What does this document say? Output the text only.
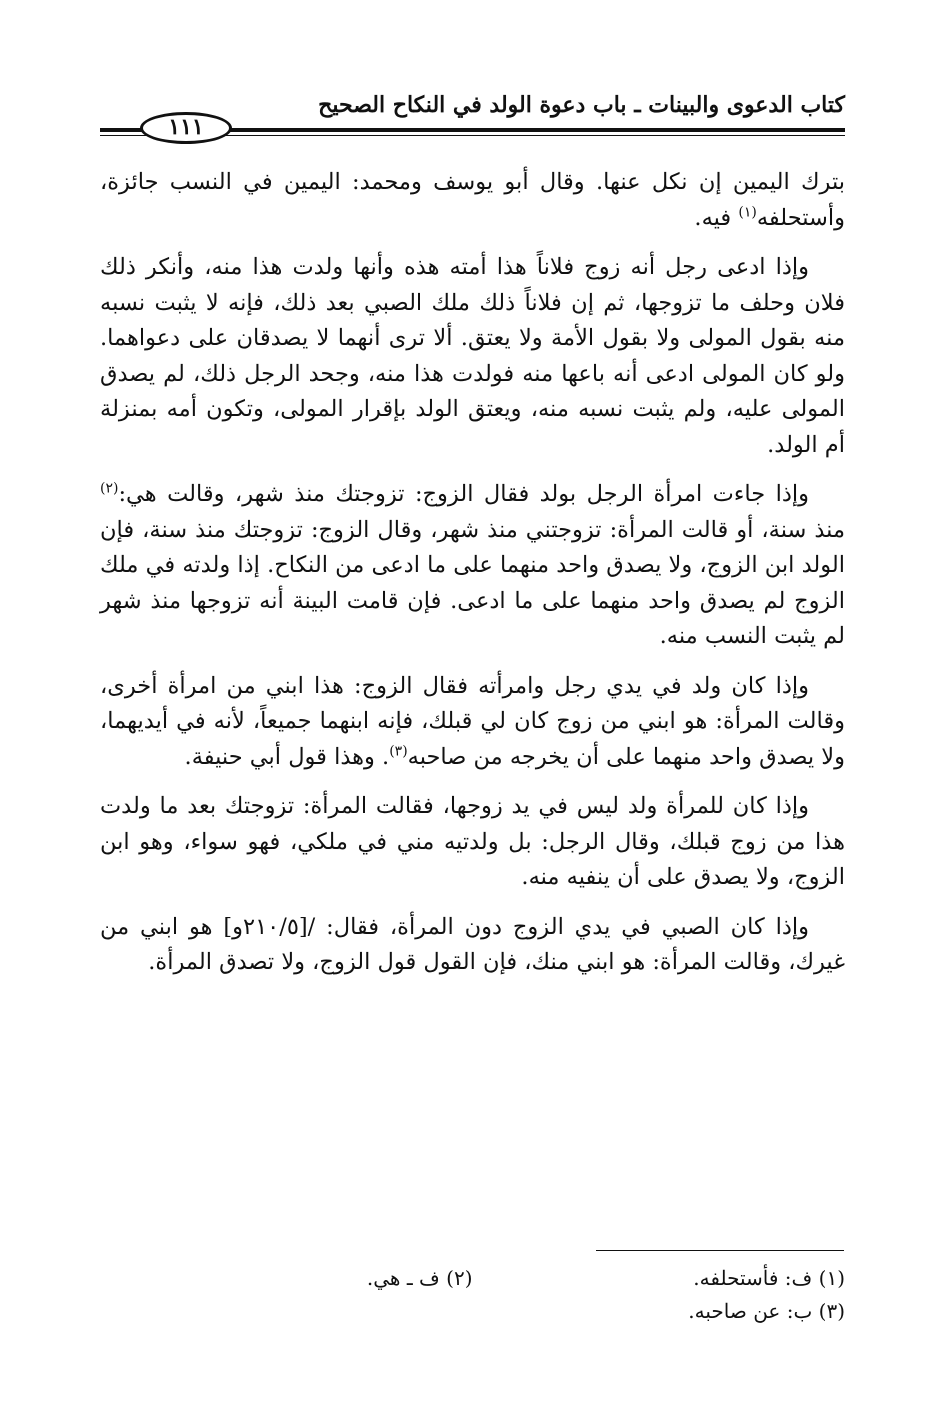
كتاب الدعوى والبينات ـ باب دعوة الولد في النكاح الصحيح
١١١

بترك اليمين إن نكل عنها. وقال أبو يوسف ومحمد: اليمين في النسب جائزة، وأستحلفه$^{(١)}$ فيه.

وإذا ادعى رجل أنه زوج فلاناً هذا أمته هذه وأنها ولدت هذا منه، وأنكر ذلك فلان وحلف ما تزوجها، ثم إن فلاناً ذلك ملك الصبي بعد ذلك، فإنه لا يثبت نسبه منه بقول المولى ولا بقول الأمة ولا يعتق. ألا ترى أنهما لا يصدقان على دعواهما. ولو كان المولى ادعى أنه باعها منه فولدت هذا منه، وجحد الرجل ذلك، لم يصدق المولى عليه، ولم يثبت نسبه منه، ويعتق الولد بإقرار المولى، وتكون أمه بمنزلة أم الولد.

وإذا جاءت امرأة الرجل بولد فقال الزوج: تزوجتك منذ شهر، وقالت هي:$^{(٢)}$ منذ سنة، أو قالت المرأة: تزوجتني منذ شهر، وقال الزوج: تزوجتك منذ سنة، فإن الولد ابن الزوج، ولا يصدق واحد منهما على ما ادعى من النكاح. إذا ولدته في ملك الزوج لم يصدق واحد منهما على ما ادعى. فإن قامت البينة أنه تزوجها منذ شهر لم يثبت النسب منه.

وإذا كان ولد في يدي رجل وامرأته فقال الزوج: هذا ابني من امرأة أخرى، وقالت المرأة: هو ابني من زوج كان لي قبلك، فإنه ابنهما جميعاً، لأنه في أيديهما، ولا يصدق واحد منهما على أن يخرجه من صاحبه$^{(٣)}$. وهذا قول أبي حنيفة.

وإذا كان للمرأة ولد ليس في يد زوجها، فقالت المرأة: تزوجتك بعد ما ولدت هذا من زوج قبلك، وقال الرجل: بل ولدتيه مني في ملكي، فهو سواء، وهو ابن الزوج، ولا يصدق على أن ينفيه منه.

وإذا كان الصبي في يدي الزوج دون المرأة، فقال: /[٢١٠/٥و] هو ابني من غيرك، وقالت المرأة: هو ابني منك، فإن القول قول الزوج، ولا تصدق المرأة.

(١) ف: فأستحلفه.
(٢) ف ـ هي.
(٣) ب: عن صاحبه.
